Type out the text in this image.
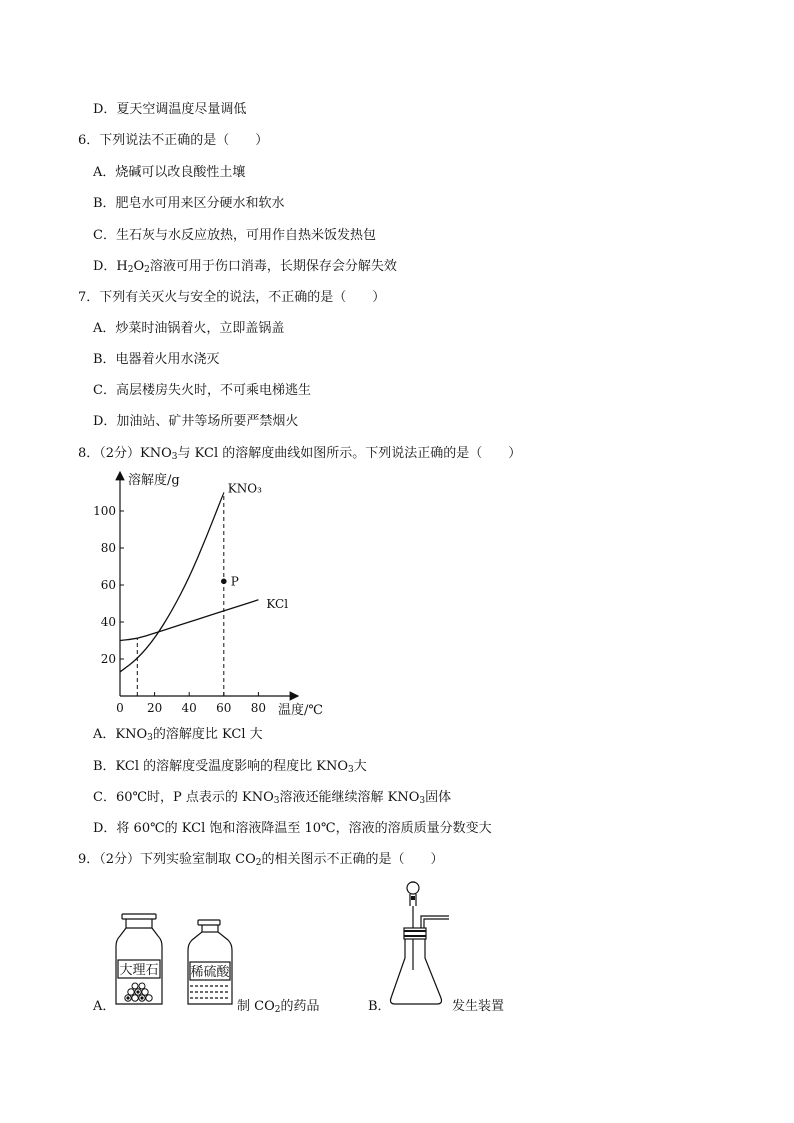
D．夏天空调温度尽量调低
6．下列说法不正确的是（　　）
A．烧碱可以改良酸性土壤
B．肥皂水可用来区分硬水和软水
C．生石灰与水反应放热，可用作自热米饭发热包
D．$H_2O_2$溶液可用于伤口消毒，长期保存会分解失效
7．下列有关灭火与安全的说法，不正确的是（　　）
A．炒菜时油锅着火，立即盖锅盖
B．电器着火用水浇灭
C．高层楼房失火时，不可乘电梯逃生
D．加油站、矿井等场所要严禁烟火
8．（2分）$KNO_3$与 KCl 的溶解度曲线如图所示。下列说法正确的是（　　）
0 20 40 60 80
20
40
60
80
100
KNO₃
KCl
P
溶解度/g
温度/℃
A．$KNO_3$的溶解度比 KCl 大
B．KCl 的溶解度受温度影响的程度比 $KNO_3$大
C．60℃时，P 点表示的 $KNO_3$溶液还能继续溶解 $KNO_3$固体
D．将 60℃的 KCl 饱和溶液降温至 10℃，溶液的溶质质量分数变大
9．（2分）下列实验室制取 $CO_2$的相关图示不正确的是（　　）
A．
大理石 稀硫酸
制 $CO_2$的药品	B．	发生装置
